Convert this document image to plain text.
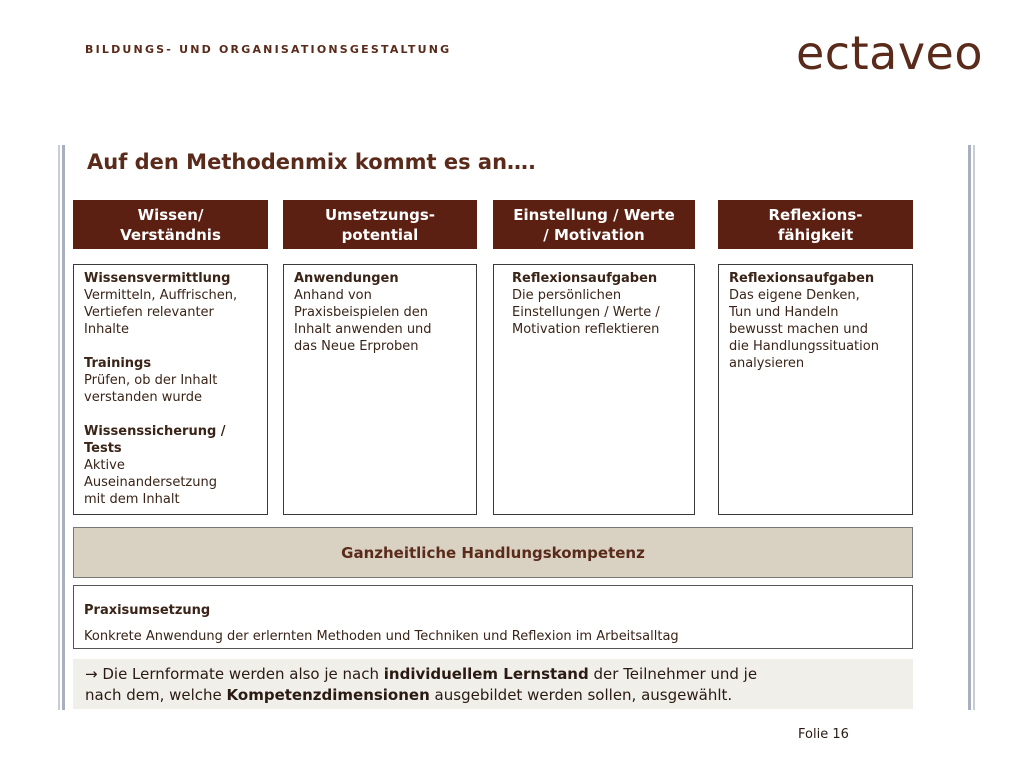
BILDUNGS- UND ORGANISATIONSGESTALTUNG	ectaveo
Auf den Methodenmix kommt es an….
Wissen/
Verständnis
Umsetzungs-
potential
Einstellung / Werte
/ Motivation
Reflexions-
fähigkeit
Wissensvermittlung
Vermitteln, Auffrischen,
Vertiefen relevanter
Inhalte
Trainings
Prüfen, ob der Inhalt
verstanden wurde
Wissenssicherung /
Tests
Aktive
Auseinandersetzung
mit dem Inhalt
Anwendungen
Anhand von
Praxisbeispielen den
Inhalt anwenden und
das Neue Erproben
Reflexionsaufgaben
Die persönlichen
Einstellungen / Werte /
Motivation reflektieren
Reflexionsaufgaben
Das eigene Denken,
Tun und Handeln
bewusst machen und
die Handlungssituation
analysieren
Ganzheitliche Handlungskompetenz
Praxisumsetzung
Konkrete Anwendung der erlernten Methoden und Techniken und Reflexion im Arbeitsalltag
→ Die Lernformate werden also je nach individuellem Lernstand der Teilnehmer und je
nach dem, welche Kompetenzdimensionen ausgebildet werden sollen, ausgewählt.
Folie 16
